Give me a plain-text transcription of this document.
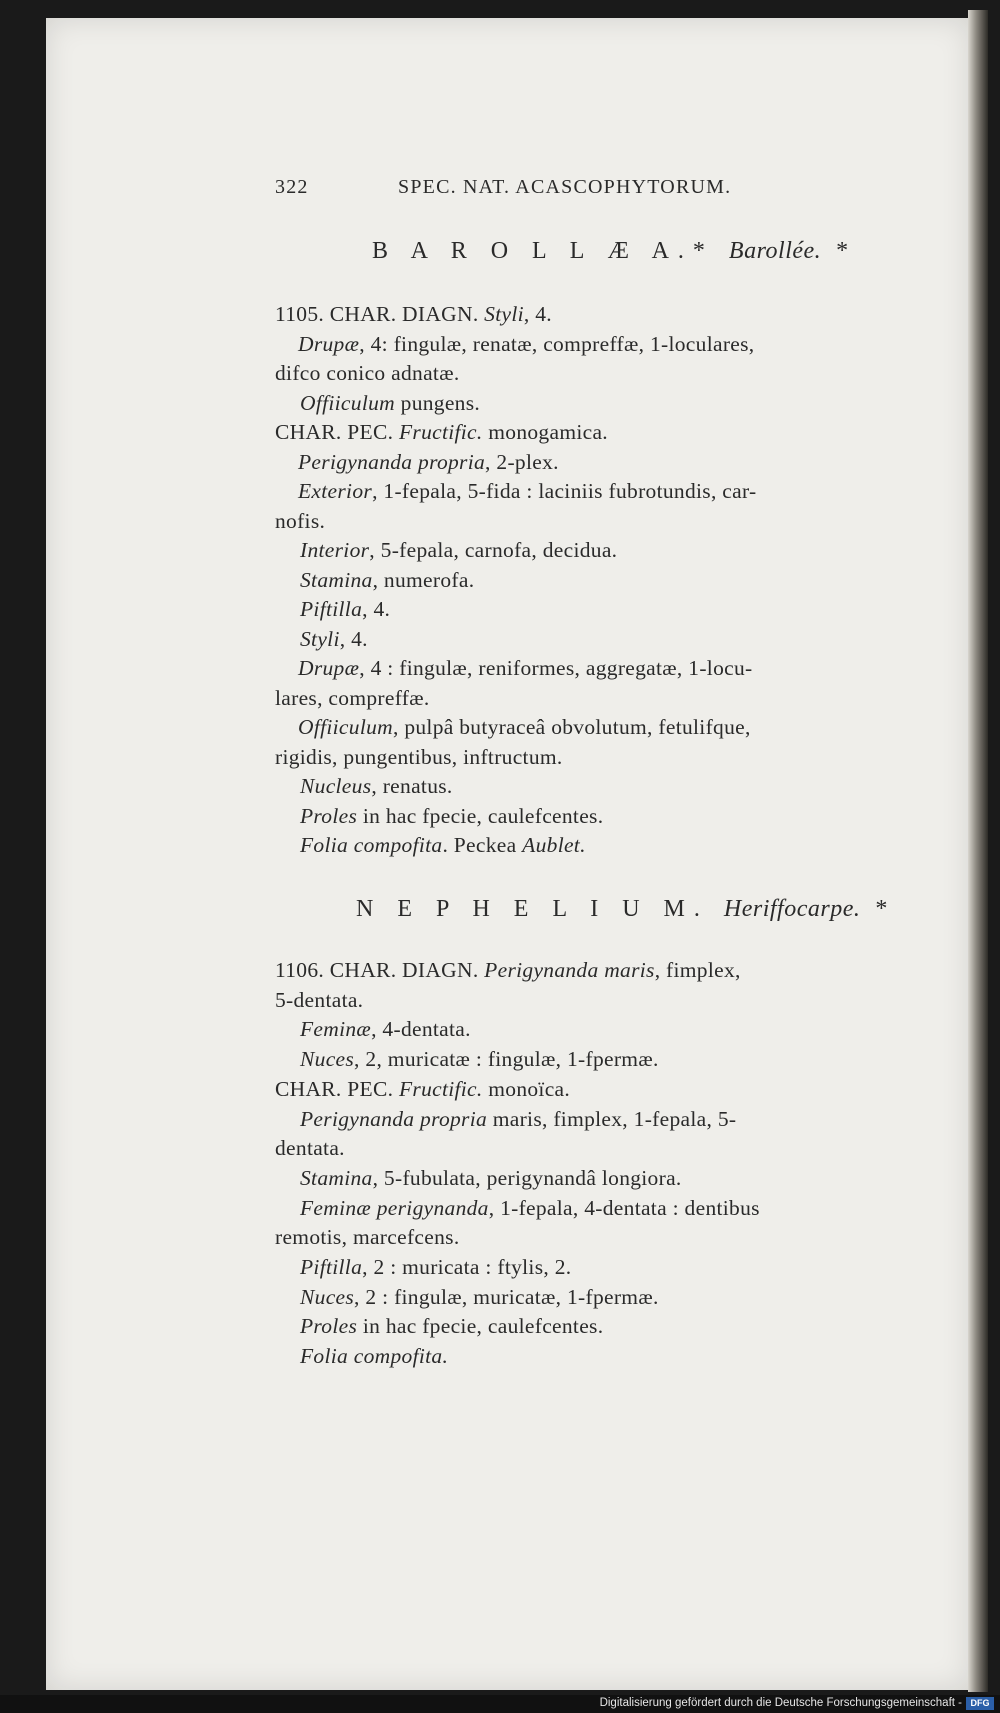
322	SPEC. NAT. ACASCOPHYTORUM.
B A R O L L Æ A.* Barollée. *
1105. CHAR. DIAGN. Styli, 4.
Drupæ, 4: fingulæ, renatæ, compreffæ, 1-loculares,
difco conico adnatæ.
Offiiculum pungens.
CHAR. PEC. Fructific. monogamica.
Perigynanda propria, 2-plex.
Exterior, 1-fepala, 5-fida : laciniis fubrotundis, car-
nofis.
Interior, 5-fepala, carnofa, decidua.
Stamina, numerofa.
Piftilla, 4.
Styli, 4.
Drupæ, 4 : fingulæ, reniformes, aggregatæ, 1-locu-
lares, compreffæ.
Offiiculum, pulpâ butyraceâ obvolutum, fetulifque,
rigidis, pungentibus, inftructum.
Nucleus, renatus.
Proles in hac fpecie, caulefcentes.
Folia compofita. Peckea Aublet.
N E P H E L I U M. Heriffocarpe. *
1106. CHAR. DIAGN. Perigynanda maris, fimplex,
5-dentata.
Feminæ, 4-dentata.
Nuces, 2, muricatæ : fingulæ, 1-fpermæ.
CHAR. PEC. Fructific. monoïca.
Perigynanda propria maris, fimplex, 1-fepala, 5-
dentata.
Stamina, 5-fubulata, perigynandâ longiora.
Feminæ perigynanda, 1-fepala, 4-dentata : dentibus
remotis, marcefcens.
Piftilla, 2 : muricata : ftylis, 2.
Nuces, 2 : fingulæ, muricatæ, 1-fpermæ.
Proles in hac fpecie, caulefcentes.
Folia compofita.
Digitalisierung gefördert durch die Deutsche Forschungsgemeinschaft - DFG
